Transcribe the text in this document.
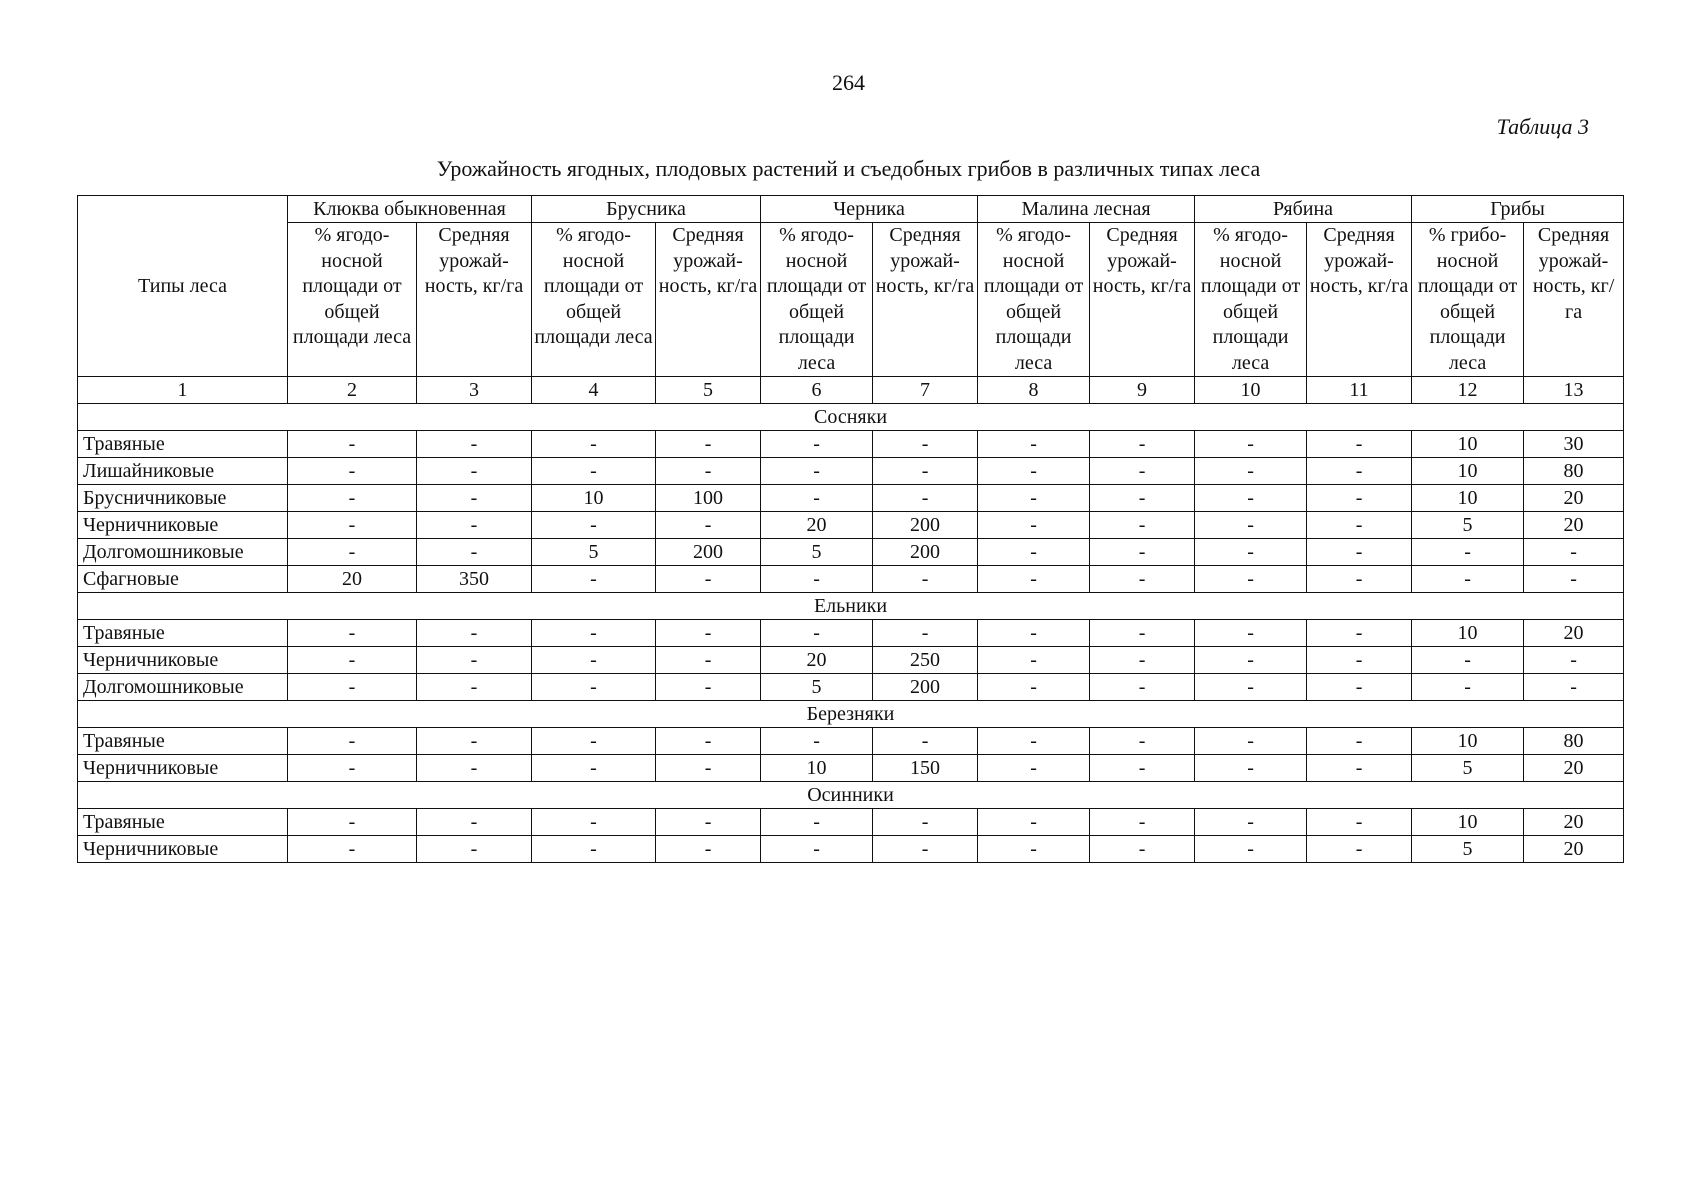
264
Таблица 3
Урожайность ягодных, плодовых растений и съедобных грибов в различных типах леса
Типы леса	Клюква обыкновенная		Брусника		Черника		Малина лесная		Рябина		Грибы	
	% ягодо-носной площади от общей площади леса	Средняя урожай-ность, кг/га	% ягодо-носной площади от общей площади леса	Средняя урожай-ность, кг/га	% ягодо-носной площади от общей площади леса	Средняя урожай-ность, кг/га	% ягодо-носной площади от общей площади леса	Средняя урожай-ность, кг/га	% ягодо-носной площади от общей площади леса	Средняя урожай-ность, кг/га	% грибо-носной площади от общей площади леса	Средняя урожай-ность, кг/га
1	2	3	4	5	6	7	8	9	10	11	12	13
Сосняки												
Травяные	-	-	-	-	-	-	-	-	-	-	10	30
Лишайниковые	-	-	-	-	-	-	-	-	-	-	10	80
Брусничниковые	-	-	10	100	-	-	-	-	-	-	10	20
Черничниковые	-	-	-	-	20	200	-	-	-	-	5	20
Долгомошниковые	-	-	5	200	5	200	-	-	-	-	-	-
Сфагновые	20	350	-	-	-	-	-	-	-	-	-	-
Ельники												
Травяные	-	-	-	-	-	-	-	-	-	-	10	20
Черничниковые	-	-	-	-	20	250	-	-	-	-	-	-
Долгомошниковые	-	-	-	-	5	200	-	-	-	-	-	-
Березняки												
Травяные	-	-	-	-	-	-	-	-	-	-	10	80
Черничниковые	-	-	-	-	10	150	-	-	-	-	5	20
Осинники												
Травяные	-	-	-	-	-	-	-	-	-	-	10	20
Черничниковые	-	-	-	-	-	-	-	-	-	-	5	20
